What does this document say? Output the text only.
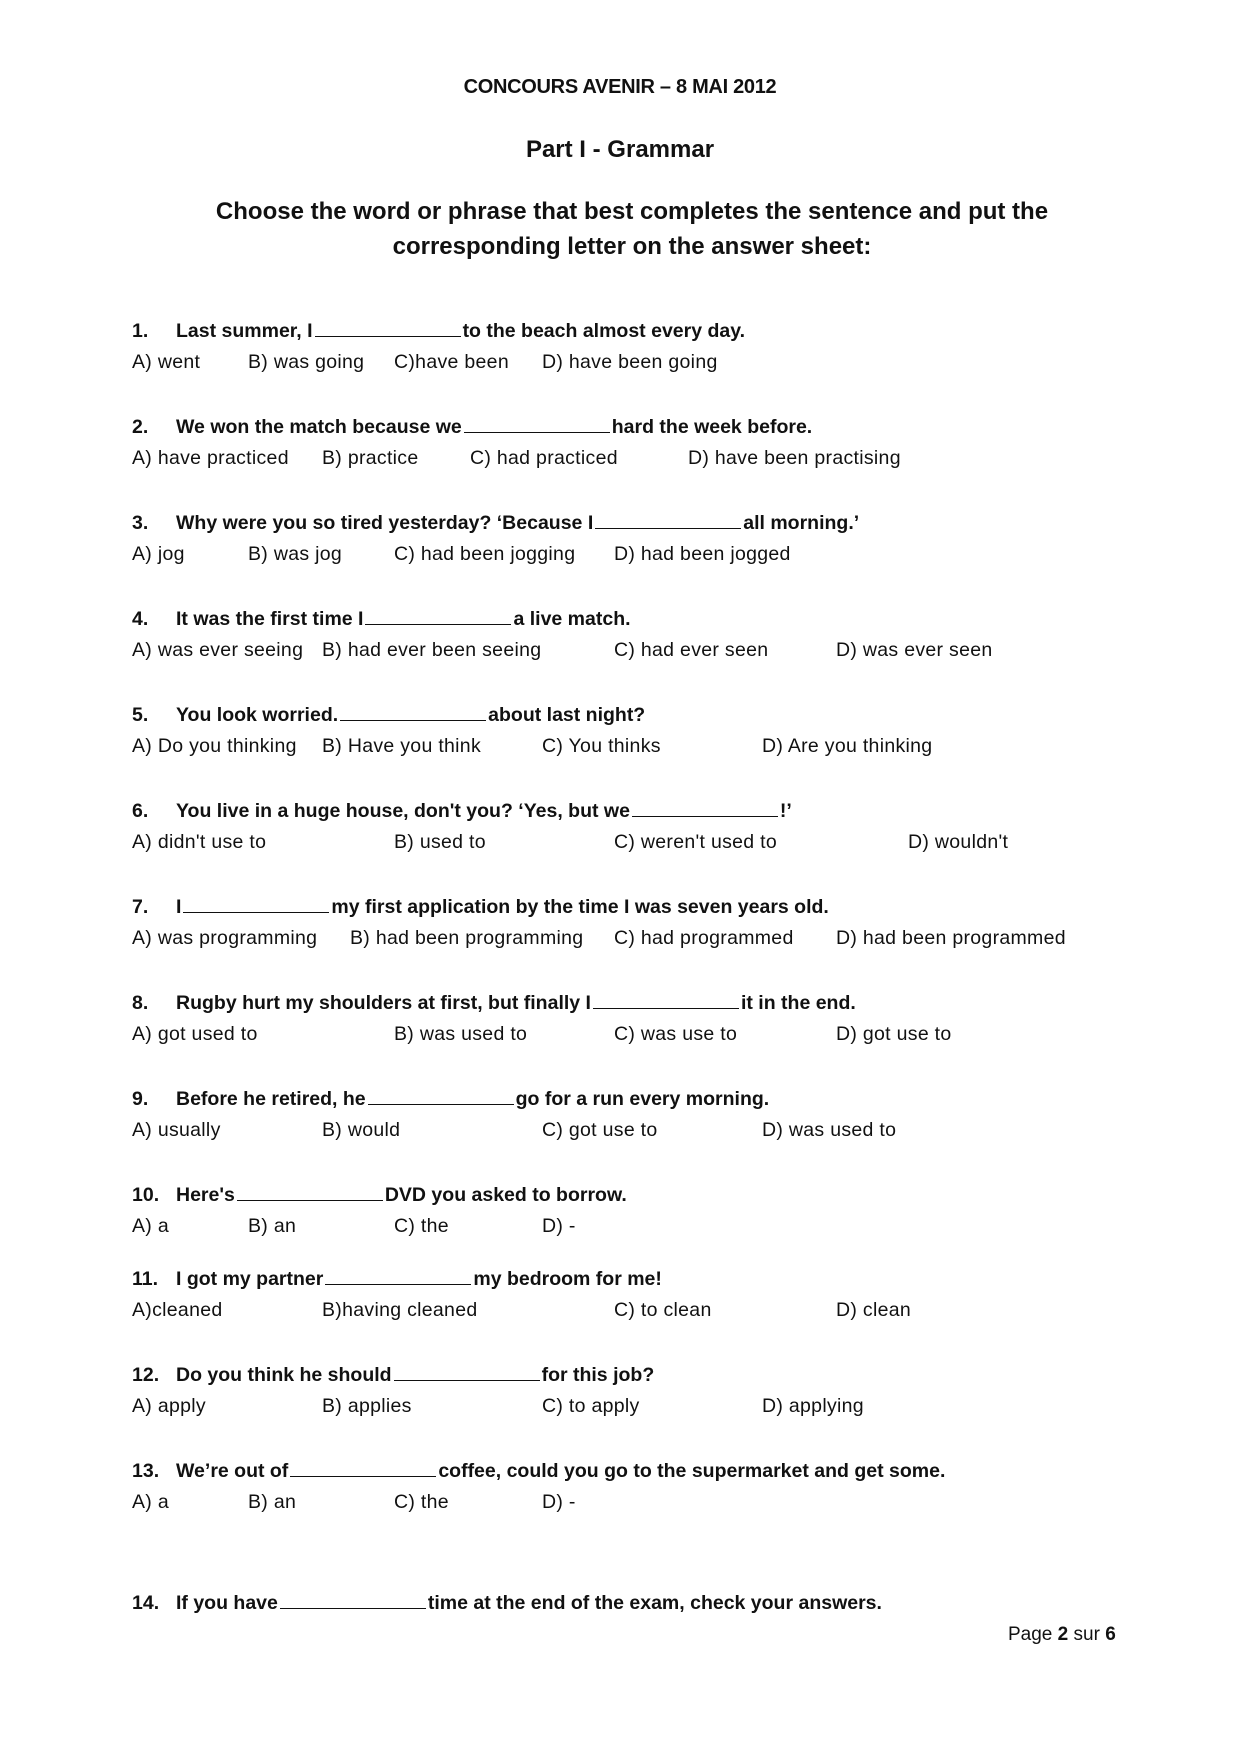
CONCOURS AVENIR – 8 MAI 2012
Part I - Grammar
Choose the word or phrase that best completes the sentence and put the corresponding letter on the answer sheet:
1. Last summer, I	to the beach almost every day.
A) went B) was going C)have been D) have been going
2. We won the match because we	hard the week before.
A) have practiced B) practice	C) had practiced	D) have been practising
3. Why were you so tired yesterday? ‘Because I	all morning.’
A) jog	B) was jog	C) had been jogging D) had been jogged
4. It was the first time I	a live match.
A) was ever seeing B) had ever been seeing	C) had ever seen	D) was ever seen
5. You look worried.	about last night?
A) Do you thinking B) Have you think	C) You thinks	D) Are you thinking
6. You live in a huge house, don't you? ‘Yes, but we	!’
A) didn't use to	B) used to	C) weren't used to	D) wouldn't
7. I	my first application by the time I was seven years old.
A) was programming B) had been programming C) had programmed D) had been programmed
8. Rugby hurt my shoulders at first, but finally I	it in the end.
A) got used to	B) was used to	C) was use to	D) got use to
9. Before he retired, he	go for a run every morning.
A) usually	B) would	C) got use to	D) was used to
10. Here's	DVD you asked to borrow.
A) a	B) an	C) the	D) -
11. I got my partner	my bedroom for me!
A)cleaned	B)having cleaned	C) to clean	D) clean
12. Do you think he should	for this job?
A) apply	B) applies	C) to apply	D) applying
13. We’re out of	coffee, could you go to the supermarket and get some.
A) a	B) an	C) the	D) -
14. If you have	time at the end of the exam, check your answers.
Page 2 sur 6
